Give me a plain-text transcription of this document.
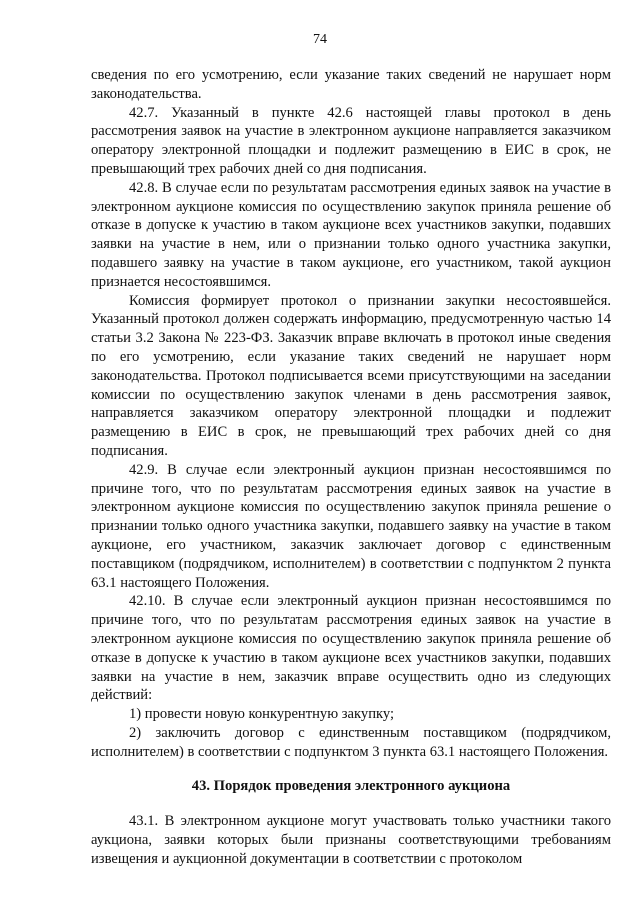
74

сведения по его усмотрению, если указание таких сведений не нарушает норм законодательства.

42.7. Указанный в пункте 42.6 настоящей главы протокол в день рассмотрения заявок на участие в электронном аукционе направляется заказчиком оператору электронной площадки и подлежит размещению в ЕИС в срок, не превышающий трех рабочих дней со дня подписания.

42.8. В случае если по результатам рассмотрения единых заявок на участие в электронном аукционе комиссия по осуществлению закупок приняла решение об отказе в допуске к участию в таком аукционе всех участников закупки, подавших заявки на участие в нем, или о признании только одного участника закупки, подавшего заявку на участие в таком аукционе, его участником, такой аукцион признается несостоявшимся.

Комиссия формирует протокол о признании закупки несостоявшейся. Указанный протокол должен содержать информацию, предусмотренную частью 14 статьи 3.2 Закона № 223-ФЗ. Заказчик вправе включать в протокол иные сведения по его усмотрению, если указание таких сведений не нарушает норм законодательства. Протокол подписывается всеми присутствующими на заседании комиссии по осуществлению закупок членами в день рассмотрения заявок, направляется заказчиком оператору электронной площадки и подлежит размещению в ЕИС в срок, не превышающий трех рабочих дней со дня подписания.

42.9. В случае если электронный аукцион признан несостоявшимся по причине того, что по результатам рассмотрения единых заявок на участие в электронном аукционе комиссия по осуществлению закупок приняла решение о признании только одного участника закупки, подавшего заявку на участие в таком аукционе, его участником, заказчик заключает договор с единственным поставщиком (подрядчиком, исполнителем) в соответствии с подпунктом 2 пункта 63.1 настоящего Положения.

42.10. В случае если электронный аукцион признан несостоявшимся по причине того, что по результатам рассмотрения единых заявок на участие в электронном аукционе комиссия по осуществлению закупок приняла решение об отказе в допуске к участию в таком аукционе всех участников закупки, подавших заявки на участие в нем, заказчик вправе осуществить одно из следующих действий:

1) провести новую конкурентную закупку;

2) заключить договор с единственным поставщиком (подрядчиком, исполнителем) в соответствии с подпунктом 3 пункта 63.1 настоящего Положения.

43. Порядок проведения электронного аукциона

43.1. В электронном аукционе могут участвовать только участники такого аукциона, заявки которых были признаны соответствующими требованиям извещения и аукционной документации в соответствии с протоколом
